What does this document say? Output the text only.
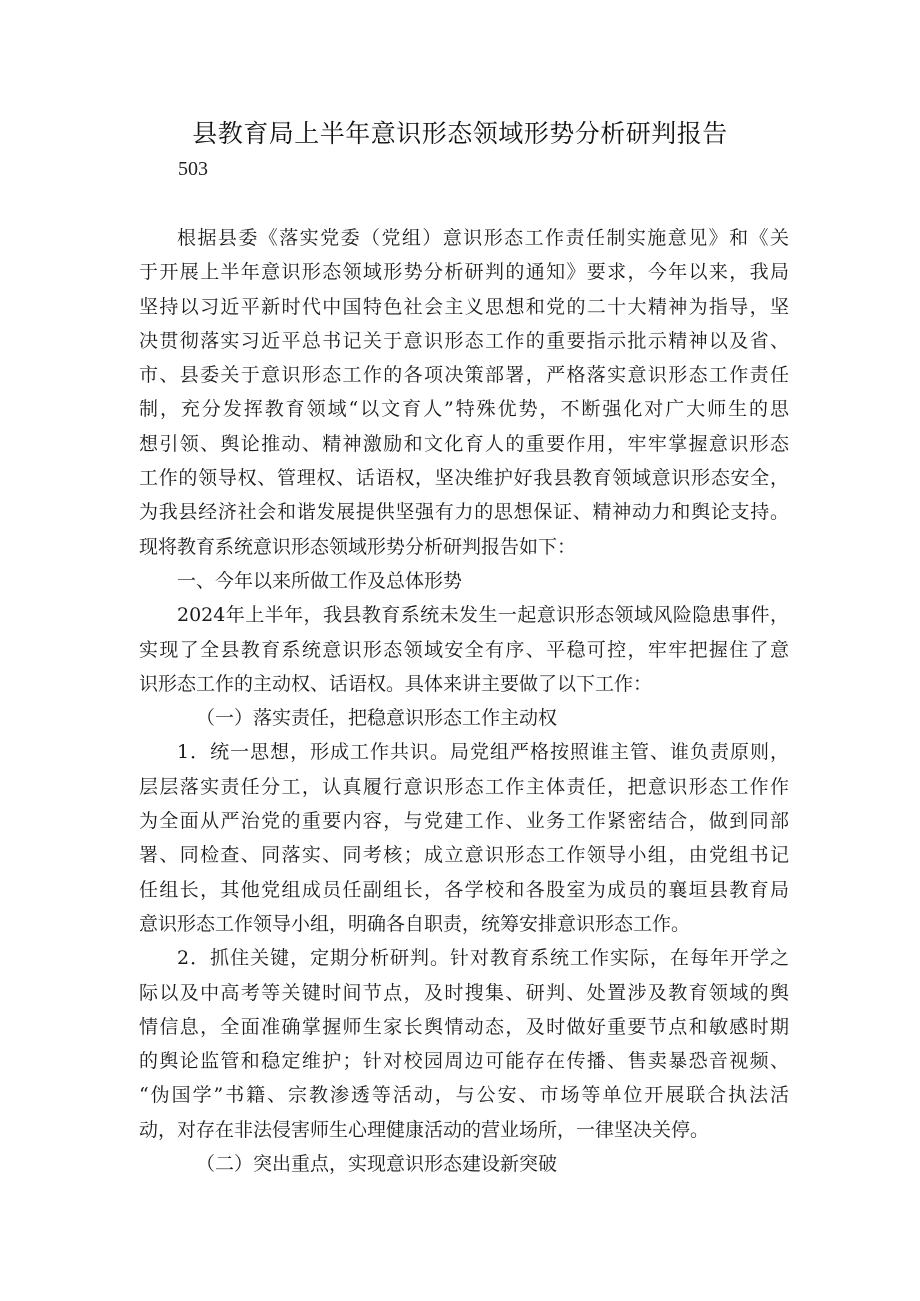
县教育局上半年意识形态领域形势分析研判报告
503
根据县委《落实党委（党组）意识形态工作责任制实施意见》和《关
于开展上半年意识形态领域形势分析研判的通知》要求，今年以来，我局
坚持以习近平新时代中国特色社会主义思想和党的二十大精神为指导，坚
决贯彻落实习近平总书记关于意识形态工作的重要指示批示精神以及省、
市、县委关于意识形态工作的各项决策部署，严格落实意识形态工作责任
制，充分发挥教育领域“以文育人”特殊优势，不断强化对广大师生的思
想引领、舆论推动、精神激励和文化育人的重要作用，牢牢掌握意识形态
工作的领导权、管理权、话语权，坚决维护好我县教育领域意识形态安全，
为我县经济社会和谐发展提供坚强有力的思想保证、精神动力和舆论支持。
现将教育系统意识形态领域形势分析研判报告如下：
一、今年以来所做工作及总体形势
2024年上半年，我县教育系统未发生一起意识形态领域风险隐患事件，
实现了全县教育系统意识形态领域安全有序、平稳可控，牢牢把握住了意
识形态工作的主动权、话语权。具体来讲主要做了以下工作：
（一）落实责任，把稳意识形态工作主动权
1．统一思想，形成工作共识。局党组严格按照谁主管、谁负责原则，
层层落实责任分工，认真履行意识形态工作主体责任，把意识形态工作作
为全面从严治党的重要内容，与党建工作、业务工作紧密结合，做到同部
署、同检查、同落实、同考核；成立意识形态工作领导小组，由党组书记
任组长，其他党组成员任副组长，各学校和各股室为成员的襄垣县教育局
意识形态工作领导小组，明确各自职责，统筹安排意识形态工作。
2．抓住关键，定期分析研判。针对教育系统工作实际，在每年开学之
际以及中高考等关键时间节点，及时搜集、研判、处置涉及教育领域的舆
情信息，全面准确掌握师生家长舆情动态，及时做好重要节点和敏感时期
的舆论监管和稳定维护；针对校园周边可能存在传播、售卖暴恐音视频、
“伪国学”书籍、宗教渗透等活动，与公安、市场等单位开展联合执法活
动，对存在非法侵害师生心理健康活动的营业场所，一律坚决关停。
（二）突出重点，实现意识形态建设新突破
